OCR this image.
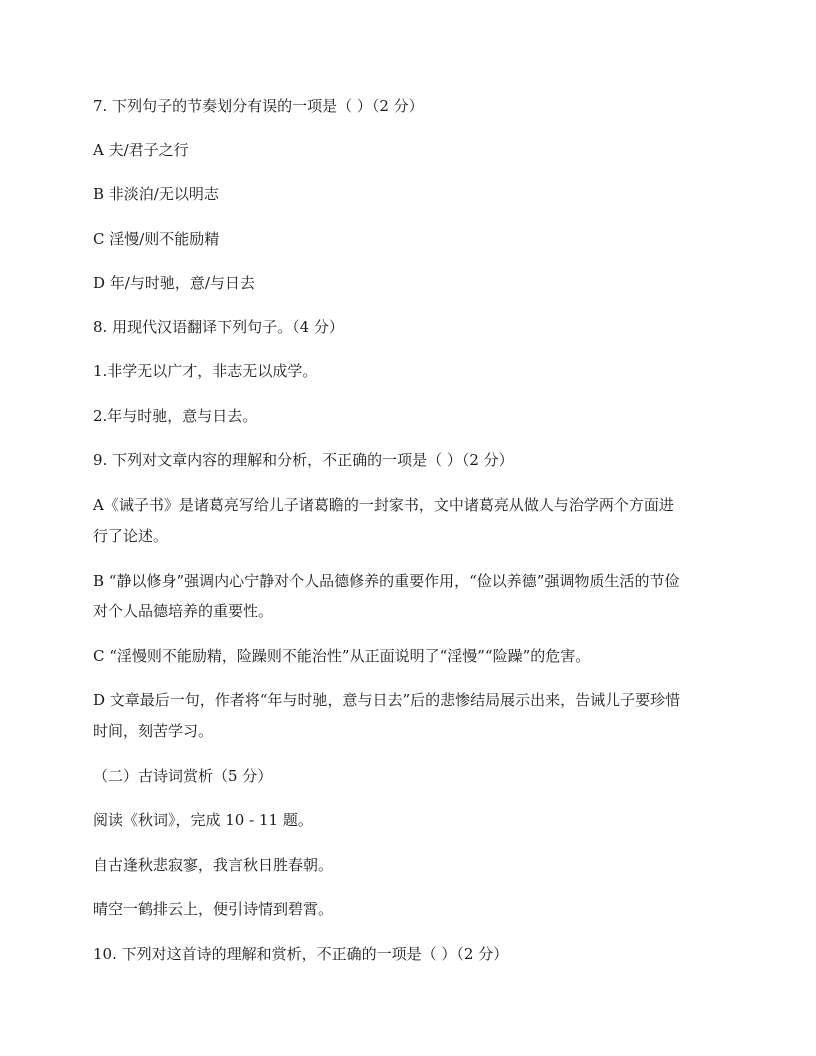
7. 下列句子的节奏划分有误的一项是（ ）（2 分）
A 夫/君子之行
B 非淡泊/无以明志
C 淫慢/则不能励精
D 年/与时驰，意/与日去
8. 用现代汉语翻译下列句子。（4 分）
1.非学无以广才，非志无以成学。
2.年与时驰，意与日去。
9. 下列对文章内容的理解和分析，不正确的一项是（ ）（2 分）
A《诫子书》是诸葛亮写给儿子诸葛瞻的一封家书，文中诸葛亮从做人与治学两个方面进
行了论述。
B “静以修身”强调内心宁静对个人品德修养的重要作用，“俭以养德”强调物质生活的节俭
对个人品德培养的重要性。
C “淫慢则不能励精，险躁则不能治性”从正面说明了“淫慢”“险躁”的危害。
D 文章最后一句，作者将“年与时驰，意与日去”后的悲惨结局展示出来，告诫儿子要珍惜
时间，刻苦学习。
（二）古诗词赏析（5 分）
阅读《秋词》，完成 10 - 11 题。
自古逢秋悲寂寥，我言秋日胜春朝。
晴空一鹤排云上，便引诗情到碧霄。
10. 下列对这首诗的理解和赏析，不正确的一项是（ ）（2 分）
